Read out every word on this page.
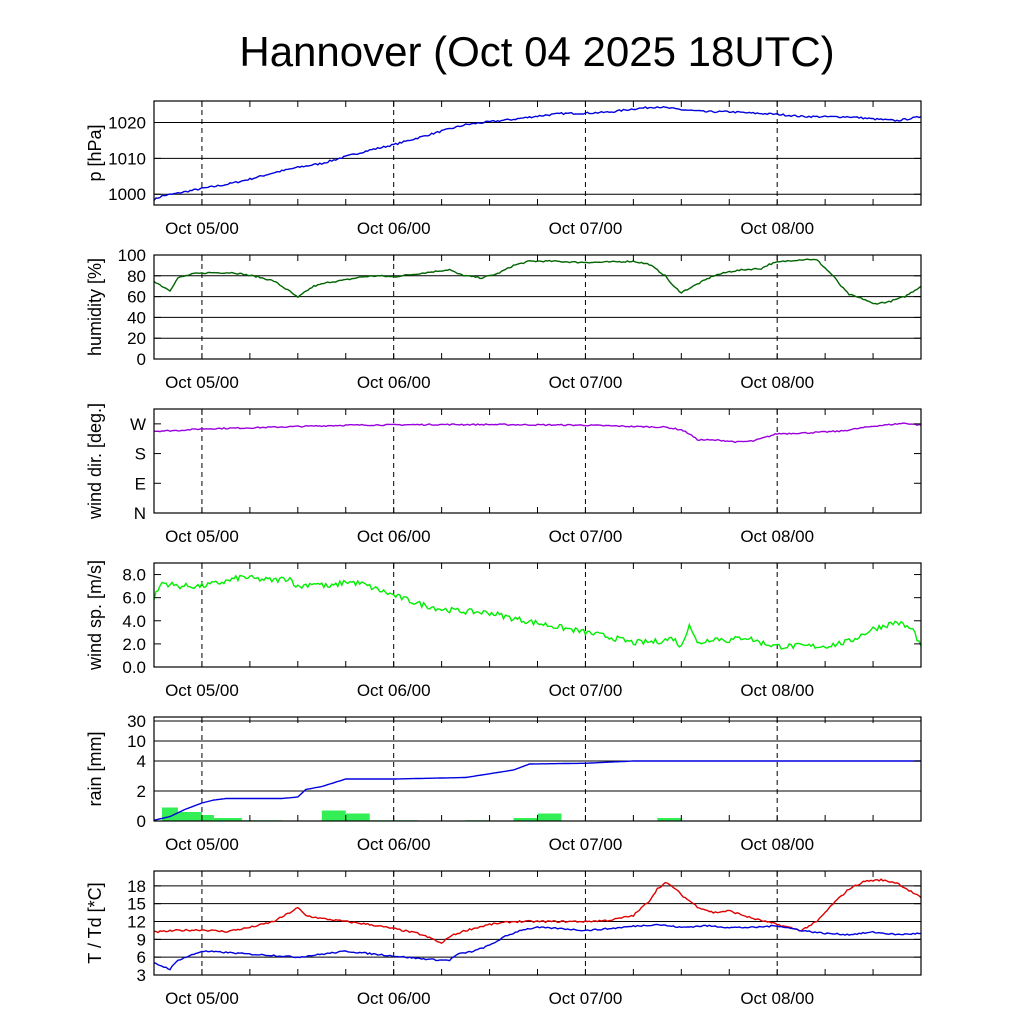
Hannover (Oct 04 2025 18UTC)
Oct 05/00	Oct 06/00	Oct 07/00	Oct 08/00
1000
1010
1020
p [hPa]
Oct 05/00	Oct 06/00	Oct 07/00	Oct 08/00
0
20
40
60
80
100
humidity [%]
Oct 05/00	Oct 06/00	Oct 07/00	Oct 08/00
N
E
S
W
wind dir. [deg.]
Oct 05/00	Oct 06/00	Oct 07/00	Oct 08/00
0.0
2.0
4.0
6.0
8.0
wind sp. [m/s]
Oct 05/00	Oct 06/00	Oct 07/00	Oct 08/00
0
2
4
10
30
rain [mm]
Oct 05/00	Oct 06/00	Oct 07/00	Oct 08/00
3
6
9
12
15
18
T / Td [*C]
